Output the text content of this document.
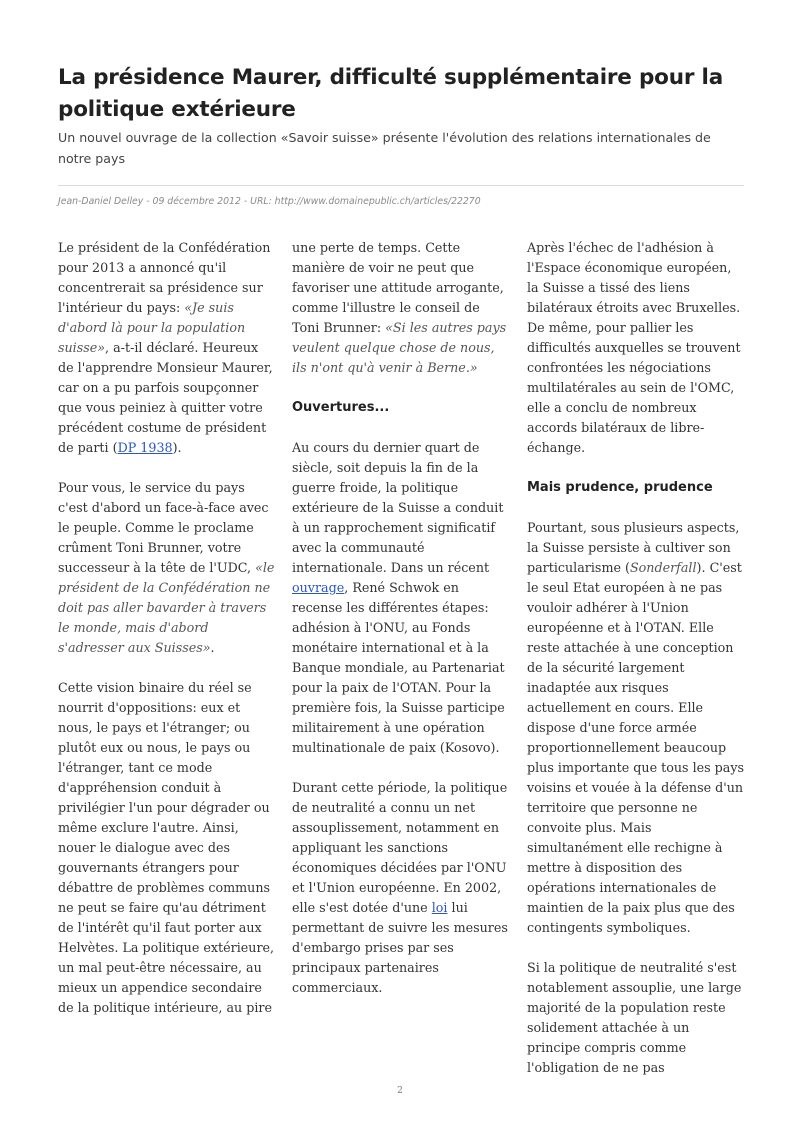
La présidence Maurer, difficulté supplémentaire pour la politique extérieure

Un nouvel ouvrage de la collection «Savoir suisse» présente l'évolution des relations internationales de notre pays

Jean-Daniel Delley - 09 décembre 2012 - URL: http://www.domainepublic.ch/articles/22270

Le président de la Confédération pour 2013 a annoncé qu'il concentrerait sa présidence sur l'intérieur du pays: «Je suis d'abord là pour la population suisse», a-t-il déclaré. Heureux de l'apprendre Monsieur Maurer, car on a pu parfois soupçonner que vous peiniez à quitter votre précédent costume de président de parti (DP 1938).

Pour vous, le service du pays c'est d'abord un face-à-face avec le peuple. Comme le proclame crûment Toni Brunner, votre successeur à la tête de l'UDC, «le président de la Confédération ne doit pas aller bavarder à travers le monde, mais d'abord s'adresser aux Suisses».

Cette vision binaire du réel se nourrit d'oppositions: eux et nous, le pays et l'étranger; ou plutôt eux ou nous, le pays ou l'étranger, tant ce mode d'appréhension conduit à privilégier l'un pour dégrader ou même exclure l'autre. Ainsi, nouer le dialogue avec des gouvernants étrangers pour débattre de problèmes communs ne peut se faire qu'au détriment de l'intérêt qu'il faut porter aux Helvètes. La politique extérieure, un mal peut-être nécessaire, au mieux un appendice secondaire de la politique intérieure, au pire

une perte de temps. Cette manière de voir ne peut que favoriser une attitude arrogante, comme l'illustre le conseil de Toni Brunner: «Si les autres pays veulent quelque chose de nous, ils n'ont qu'à venir à Berne.»

Ouvertures...

Au cours du dernier quart de siècle, soit depuis la fin de la guerre froide, la politique extérieure de la Suisse a conduit à un rapprochement significatif avec la communauté internationale. Dans un récent ouvrage, René Schwok en recense les différentes étapes: adhésion à l'ONU, au Fonds monétaire international et à la Banque mondiale, au Partenariat pour la paix de l'OTAN. Pour la première fois, la Suisse participe militairement à une opération multinationale de paix (Kosovo).

Durant cette période, la politique de neutralité a connu un net assouplissement, notamment en appliquant les sanctions économiques décidées par l'ONU et l'Union européenne. En 2002, elle s'est dotée d'une loi lui permettant de suivre les mesures d'embargo prises par ses principaux partenaires commerciaux.

Après l'échec de l'adhésion à l'Espace économique européen, la Suisse a tissé des liens bilatéraux étroits avec Bruxelles. De même, pour pallier les difficultés auxquelles se trouvent confrontées les négociations multilatérales au sein de l'OMC, elle a conclu de nombreux accords bilatéraux de libre-échange.

Mais prudence, prudence

Pourtant, sous plusieurs aspects, la Suisse persiste à cultiver son particularisme (Sonderfall). C'est le seul Etat européen à ne pas vouloir adhérer à l'Union européenne et à l'OTAN. Elle reste attachée à une conception de la sécurité largement inadaptée aux risques actuellement en cours. Elle dispose d'une force armée proportionnellement beaucoup plus importante que tous les pays voisins et vouée à la défense d'un territoire que personne ne convoite plus. Mais simultanément elle rechigne à mettre à disposition des opérations internationales de maintien de la paix plus que des contingents symboliques.

Si la politique de neutralité s'est notablement assouplie, une large majorité de la population reste solidement attachée à un principe compris comme l'obligation de ne pas

2
